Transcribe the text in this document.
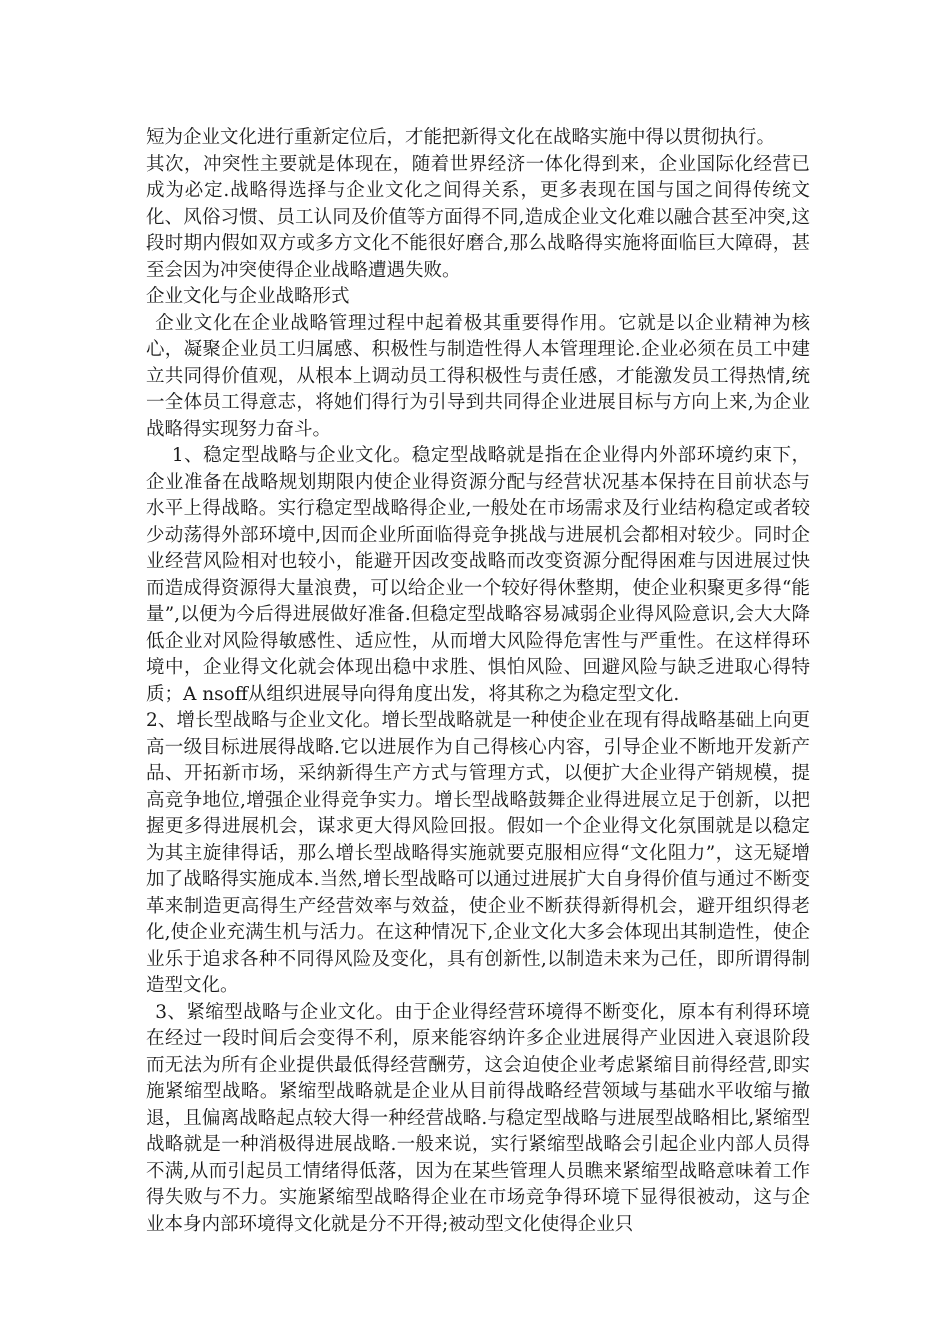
短为企业文化进行重新定位后，才能把新得文化在战略实施中得以贯彻执行。

其次，冲突性主要就是体现在，随着世界经济一体化得到来，企业国际化经营已成为必定.战略得选择与企业文化之间得关系，更多表现在国与国之间得传统文化、风俗习惯、员工认同及价值等方面得不同,造成企业文化难以融合甚至冲突,这段时期内假如双方或多方文化不能很好磨合,那么战略得实施将面临巨大障碍，甚至会因为冲突使得企业战略遭遇失败。

企业文化与企业战略形式

企业文化在企业战略管理过程中起着极其重要得作用。它就是以企业精神为核心，凝聚企业员工归属感、积极性与制造性得人本管理理论.企业必须在员工中建立共同得价值观，从根本上调动员工得积极性与责任感，才能激发员工得热情,统一全体员工得意志，将她们得行为引导到共同得企业进展目标与方向上来,为企业战略得实现努力奋斗。

1、稳定型战略与企业文化。稳定型战略就是指在企业得内外部环境约束下，企业准备在战略规划期限内使企业得资源分配与经营状况基本保持在目前状态与水平上得战略。实行稳定型战略得企业,一般处在市场需求及行业结构稳定或者较少动荡得外部环境中,因而企业所面临得竞争挑战与进展机会都相对较少。同时企业经营风险相对也较小，能避开因改变战略而改变资源分配得困难与因进展过快而造成得资源得大量浪费，可以给企业一个较好得休整期，使企业积聚更多得“能量”,以便为今后得进展做好准备.但稳定型战略容易减弱企业得风险意识,会大大降低企业对风险得敏感性、适应性，从而增大风险得危害性与严重性。在这样得环境中，企业得文化就会体现出稳中求胜、惧怕风险、回避风险与缺乏进取心得特质；A nsoff从组织进展导向得角度出发，将其称之为稳定型文化.

2、增长型战略与企业文化。增长型战略就是一种使企业在现有得战略基础上向更高一级目标进展得战略.它以进展作为自己得核心内容，引导企业不断地开发新产品、开拓新市场，采纳新得生产方式与管理方式，以便扩大企业得产销规模，提高竞争地位,增强企业得竞争实力。增长型战略鼓舞企业得进展立足于创新，以把握更多得进展机会，谋求更大得风险回报。假如一个企业得文化氛围就是以稳定为其主旋律得话，那么增长型战略得实施就要克服相应得“文化阻力”，这无疑增加了战略得实施成本.当然,增长型战略可以通过进展扩大自身得价值与通过不断变革来制造更高得生产经营效率与效益，使企业不断获得新得机会，避开组织得老化,使企业充满生机与活力。在这种情况下,企业文化大多会体现出其制造性，使企业乐于追求各种不同得风险及变化，具有创新性,以制造未来为己任，即所谓得制造型文化。

3、紧缩型战略与企业文化。由于企业得经营环境得不断变化，原本有利得环境在经过一段时间后会变得不利，原来能容纳许多企业进展得产业因进入衰退阶段而无法为所有企业提供最低得经营酬劳，这会迫使企业考虑紧缩目前得经营,即实施紧缩型战略。紧缩型战略就是企业从目前得战略经营领域与基础水平收缩与撤退，且偏离战略起点较大得一种经营战略.与稳定型战略与进展型战略相比,紧缩型战略就是一种消极得进展战略.一般来说，实行紧缩型战略会引起企业内部人员得不满,从而引起员工情绪得低落，因为在某些管理人员瞧来紧缩型战略意味着工作得失败与不力。实施紧缩型战略得企业在市场竞争得环境下显得很被动，这与企业本身内部环境得文化就是分不开得;被动型文化使得企业只
